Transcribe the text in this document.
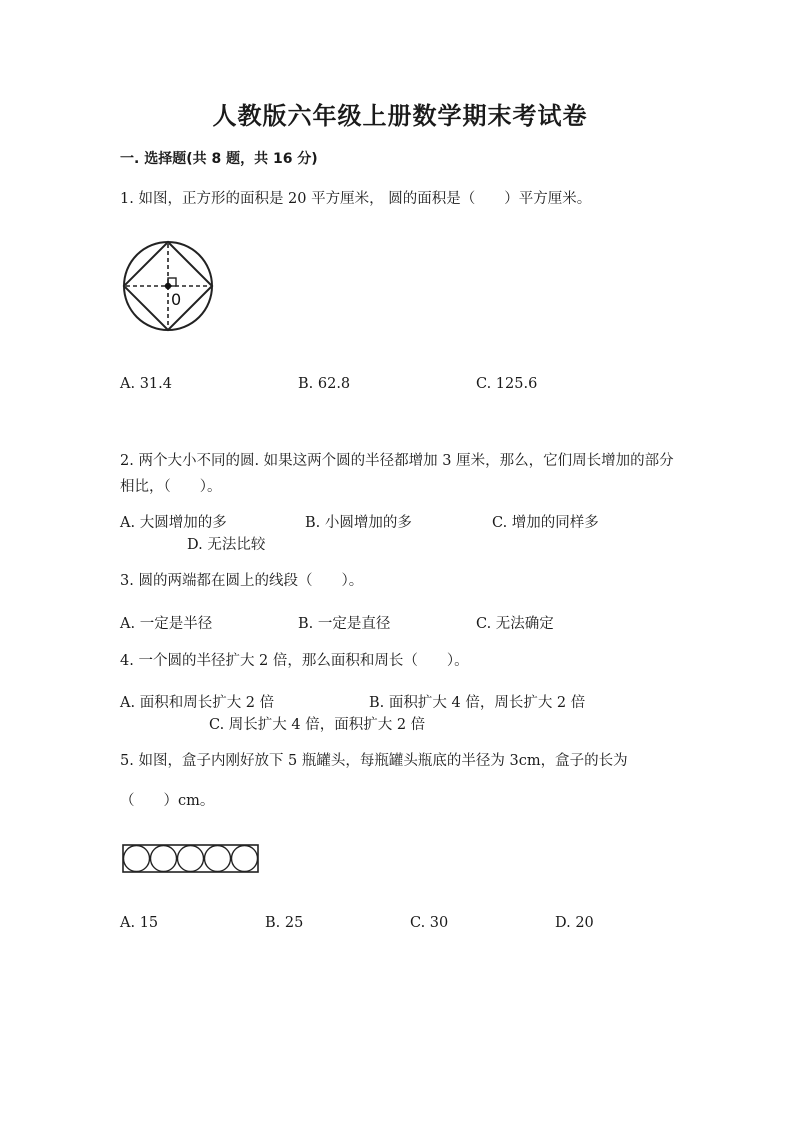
人教版六年级上册数学期末考试卷
一. 选择题(共 8 题，共 16 分)
1. 如图，正方形的面积是 20 平方厘米， 圆的面积是（　　）平方厘米。
0
A. 31.4	B. 62.8	C. 125.6
2. 两个大小不同的圆. 如果这两个圆的半径都增加 3 厘米，那么，它们周长增加的部分相比，（　　）。
A. 大圆增加的多	B. 小圆增加的多	C. 增加的同样多
D. 无法比较
3. 圆的两端都在圆上的线段（　　）。
A. 一定是半径	B. 一定是直径	C. 无法确定
4. 一个圆的半径扩大 2 倍，那么面积和周长（　　）。
A. 面积和周长扩大 2 倍	B. 面积扩大 4 倍，周长扩大 2 倍
C. 周长扩大 4 倍，面积扩大 2 倍
5. 如图，盒子内刚好放下 5 瓶罐头，每瓶罐头瓶底的半径为 3cm，盒子的长为
（　　）cm。
A. 15	B. 25	C. 30	D. 20
